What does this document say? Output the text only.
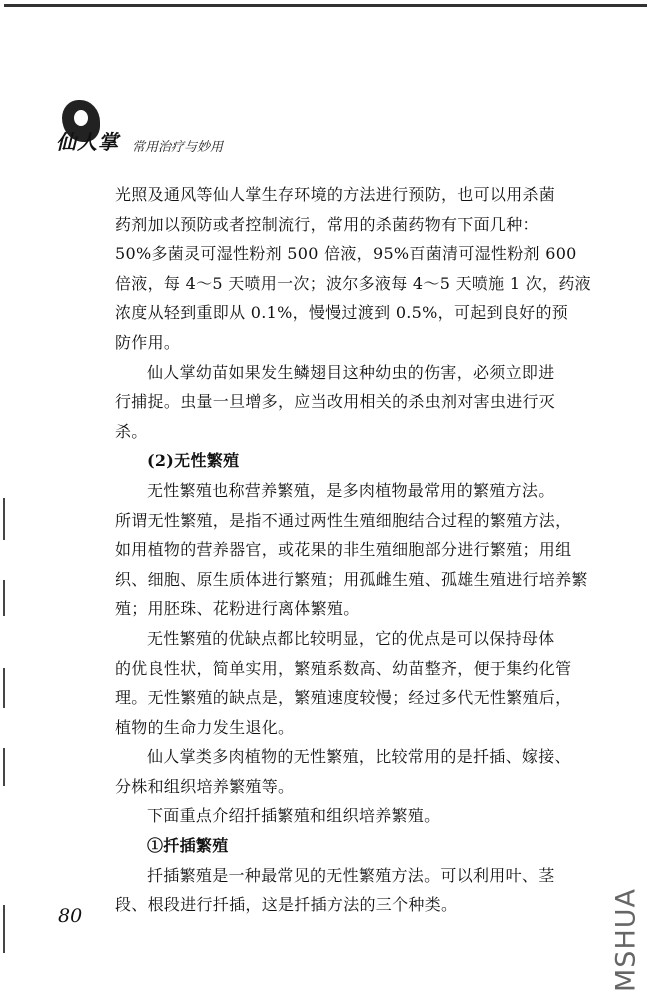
仙人掌 常用治疗与妙用
光照及通风等仙人掌生存环境的方法进行预防，也可以用杀菌
药剂加以预防或者控制流行，常用的杀菌药物有下面几种：
50%多菌灵可湿性粉剂 500 倍液，95%百菌清可湿性粉剂 600
倍液，每 4～5 天喷用一次；波尔多液每 4～5 天喷施 1 次，药液
浓度从轻到重即从 0.1%，慢慢过渡到 0.5%，可起到良好的预
防作用。
仙人掌幼苗如果发生鳞翅目这种幼虫的伤害，必须立即进
行捕捉。虫量一旦增多，应当改用相关的杀虫剂对害虫进行灭
杀。
(2)无性繁殖
无性繁殖也称营养繁殖，是多肉植物最常用的繁殖方法。
所谓无性繁殖，是指不通过两性生殖细胞结合过程的繁殖方法，
如用植物的营养器官，或花果的非生殖细胞部分进行繁殖；用组
织、细胞、原生质体进行繁殖；用孤雌生殖、孤雄生殖进行培养繁
殖；用胚珠、花粉进行离体繁殖。
无性繁殖的优缺点都比较明显，它的优点是可以保持母体
的优良性状，简单实用，繁殖系数高、幼苗整齐，便于集约化管
理。无性繁殖的缺点是，繁殖速度较慢；经过多代无性繁殖后，
植物的生命力发生退化。
仙人掌类多肉植物的无性繁殖，比较常用的是扦插、嫁接、
分株和组织培养繁殖等。
下面重点介绍扦插繁殖和组织培养繁殖。
①扦插繁殖
扦插繁殖是一种最常见的无性繁殖方法。可以利用叶、茎
段、根段进行扦插，这是扦插方法的三个种类。
80	MSHUA
